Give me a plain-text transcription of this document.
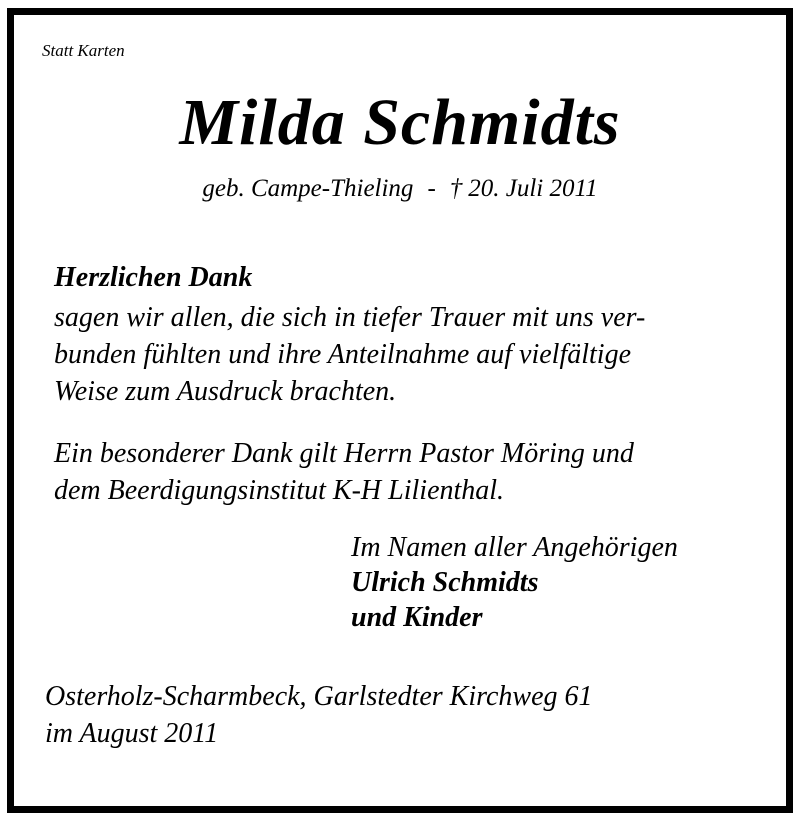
Statt Karten
Milda Schmidts
geb. Campe-Thieling - † 20. Juli 2011
Herzlichen Dank
sagen wir allen, die sich in tiefer Trauer mit uns ver-
bunden fühlten und ihre Anteilnahme auf vielfältige
Weise zum Ausdruck brachten.
Ein besonderer Dank gilt Herrn Pastor Möring und
dem Beerdigungsinstitut K-H Lilienthal.
Im Namen aller Angehörigen
Ulrich Schmidts
und Kinder
Osterholz-Scharmbeck, Garlstedter Kirchweg 61
im August 2011
